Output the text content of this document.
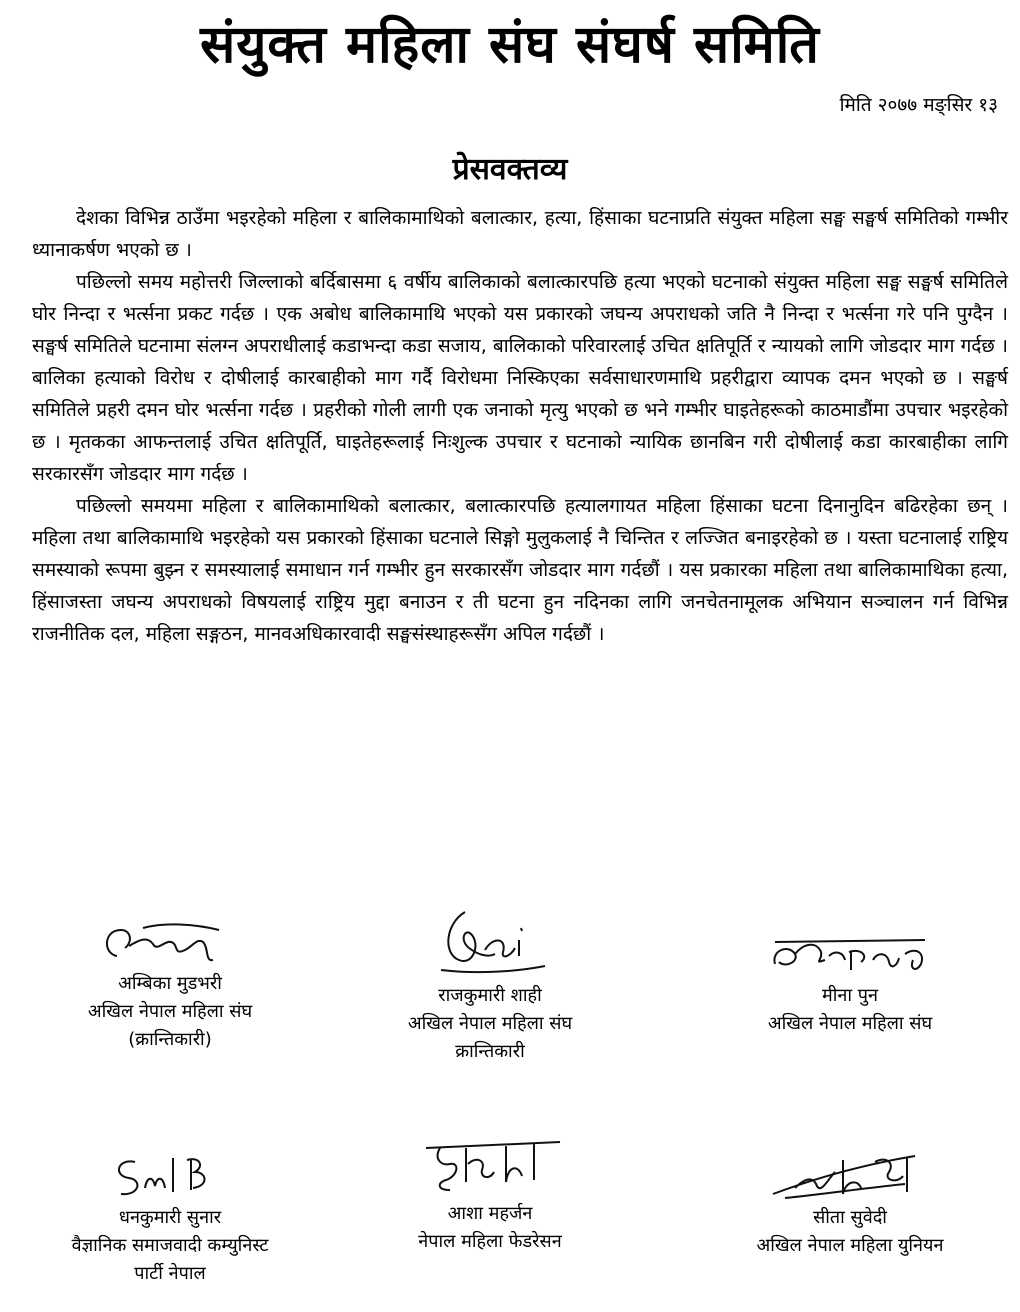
संयुक्त महिला संघ संघर्ष समिति
मिति २०७७ मङ्सिर १३
प्रेसवक्तव्य

देशका विभिन्न ठाउँमा भइरहेको महिला र बालिकामाथिको बलात्कार, हत्या, हिंसाका घटनाप्रति संयुक्त महिला सङ्घ सङ्घर्ष समितिको गम्भीर ध्यानाकर्षण भएको छ ।

पछिल्लो समय महोत्तरी जिल्लाको बर्दिबासमा ६ वर्षीय बालिकाको बलात्कारपछि हत्या भएको घटनाको संयुक्त महिला सङ्घ सङ्घर्ष समितिले घोर निन्दा र भर्त्सना प्रकट गर्दछ । एक अबोध बालिकामाथि भएको यस प्रकारको जघन्य अपराधको जति नै निन्दा र भर्त्सना गरे पनि पुग्दैन । सङ्घर्ष समितिले घटनामा संलग्न अपराधीलाई कडाभन्दा कडा सजाय, बालिकाको परिवारलाई उचित क्षतिपूर्ति र न्यायको लागि जोडदार माग गर्दछ । बालिका हत्याको विरोध र दोषीलाई कारबाहीको माग गर्दै विरोधमा निस्किएका सर्वसाधारणमाथि प्रहरीद्वारा व्यापक दमन भएको छ । सङ्घर्ष समितिले प्रहरी दमन घोर भर्त्सना गर्दछ । प्रहरीको गोली लागी एक जनाको मृत्यु भएको छ भने गम्भीर घाइतेहरूको काठमाडौंमा उपचार भइरहेको छ । मृतकका आफन्तलाई उचित क्षतिपूर्ति, घाइतेहरूलाई निःशुल्क उपचार र घटनाको न्यायिक छानबिन गरी दोषीलाई कडा कारबाहीका लागि सरकारसँग जोडदार माग गर्दछ ।

पछिल्लो समयमा महिला र बालिकामाथिको बलात्कार, बलात्कारपछि हत्यालगायत महिला हिंसाका घटना दिनानुदिन बढिरहेका छन् । महिला तथा बालिकामाथि भइरहेको यस प्रकारको हिंसाका घटनाले सिङ्गो मुलुकलाई नै चिन्तित र लज्जित बनाइरहेको छ । यस्ता घटनालाई राष्ट्रिय समस्याको रूपमा बुझ्न र समस्यालाई समाधान गर्न गम्भीर हुन सरकारसँग जोडदार माग गर्दछौं । यस प्रकारका महिला तथा बालिकामाथिका हत्या, हिंसाजस्ता जघन्य अपराधको विषयलाई राष्ट्रिय मुद्दा बनाउन र ती घटना हुन नदिनका लागि जनचेतनामूलक अभियान सञ्चालन गर्न विभिन्न राजनीतिक दल, महिला सङ्गठन, मानवअधिकारवादी सङ्घसंस्थाहरूसँग अपिल गर्दछौं ।

Ambika
अम्बिका मुडभरी
अखिल नेपाल महिला संघ
(क्रान्तिकारी)
Rai
राजकुमारी शाही
अखिल नेपाल महिला संघ
क्रान्तिकारी
मीनापुन
मीना पुन
अखिल नेपाल महिला संघ
Smlb
धनकुमारी सुनार
वैज्ञानिक समाजवादी कम्युनिस्ट
पार्टी नेपाल
आशा
आशा महर्जन
नेपाल महिला फेडरेसन
सीता
सीता सुवेदी
अखिल नेपाल महिला युनियन
